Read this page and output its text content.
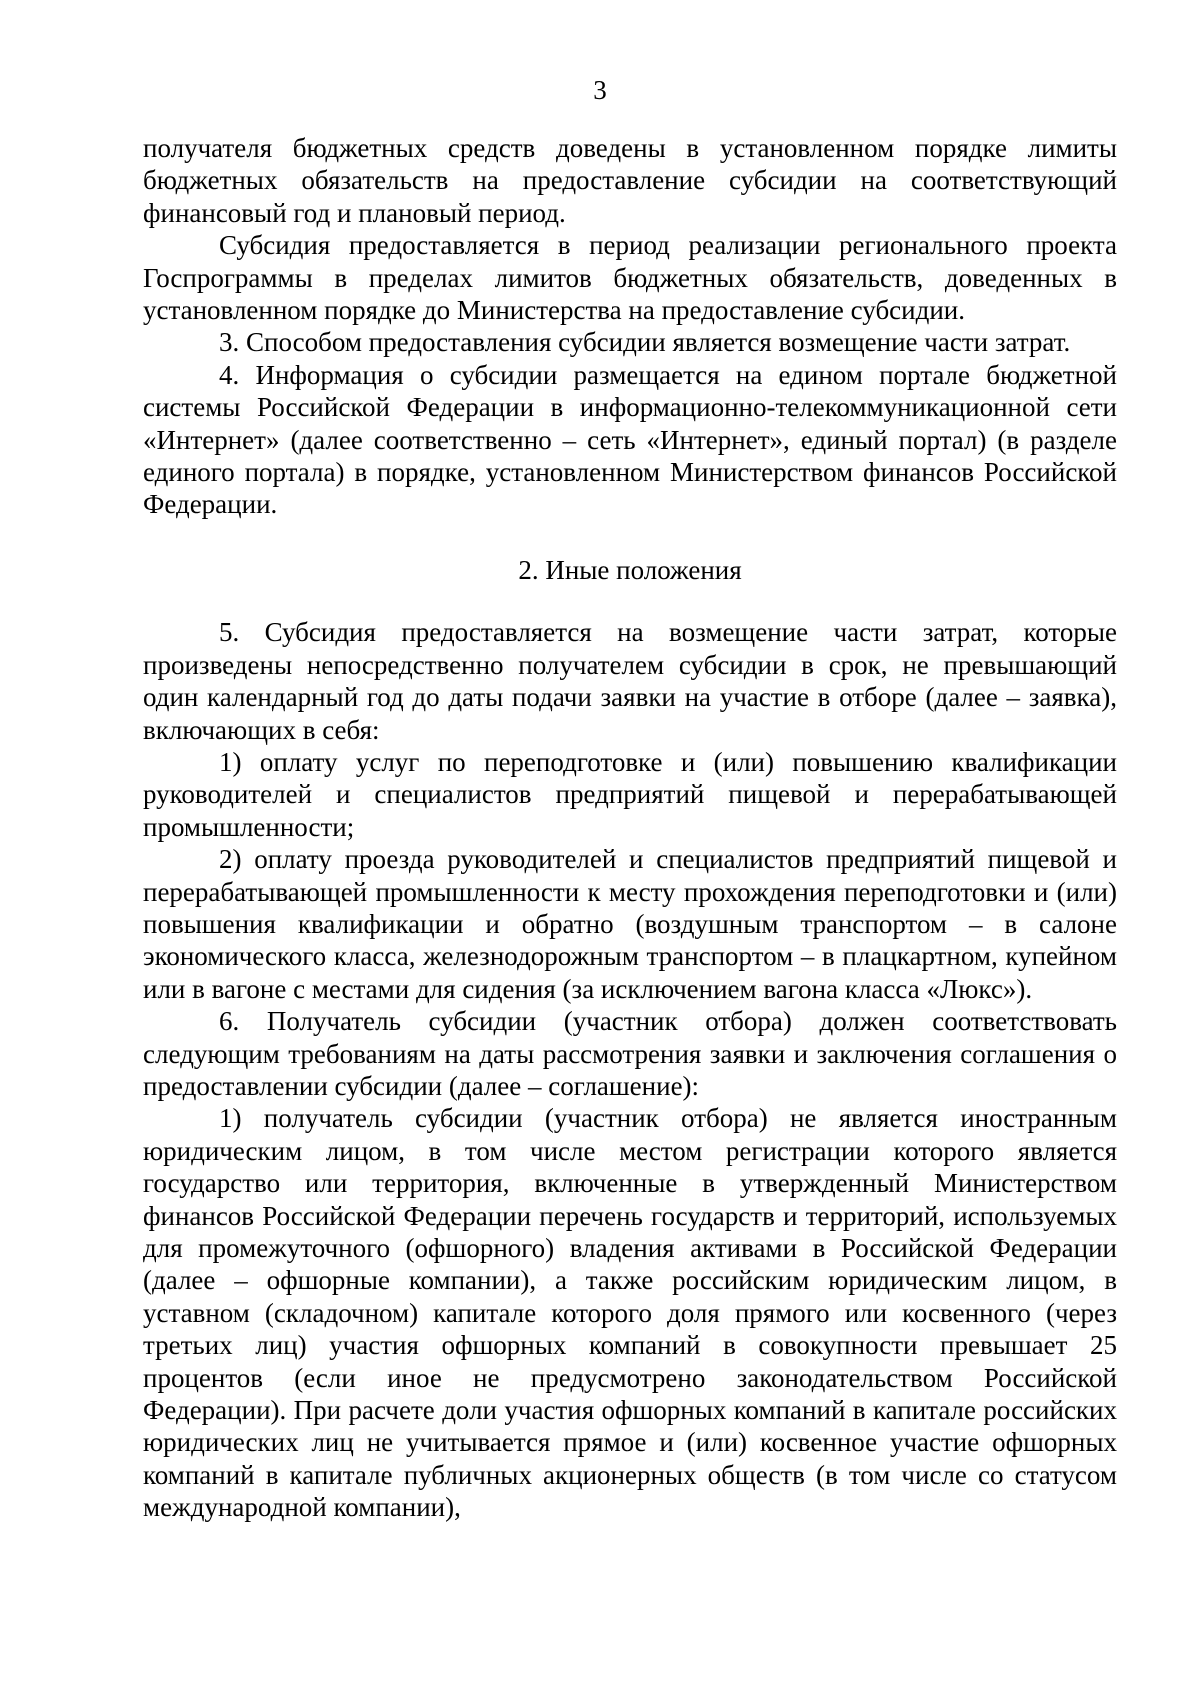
3

получателя бюджетных средств доведены в установленном порядке лимиты бюджетных обязательств на предоставление субсидии на соответствующий финансовый год и плановый период.

Субсидия предоставляется в период реализации регионального проекта Госпрограммы в пределах лимитов бюджетных обязательств, доведенных в установленном порядке до Министерства на предоставление субсидии.

3. Способом предоставления субсидии является возмещение части затрат.

4. Информация о субсидии размещается на едином портале бюджетной системы Российской Федерации в информационно-телекоммуникационной сети «Интернет» (далее соответственно – сеть «Интернет», единый портал) (в разделе единого портала) в порядке, установленном Министерством финансов Российской Федерации.

2. Иные положения

5. Субсидия предоставляется на возмещение части затрат, которые произведены непосредственно получателем субсидии в срок, не превышающий один календарный год до даты подачи заявки на участие в отборе (далее – заявка), включающих в себя:

1) оплату услуг по переподготовке и (или) повышению квалификации руководителей и специалистов предприятий пищевой и перерабатывающей промышленности;

2) оплату проезда руководителей и специалистов предприятий пищевой и перерабатывающей промышленности к месту прохождения переподготовки и (или) повышения квалификации и обратно (воздушным транспортом – в салоне экономического класса, железнодорожным транспортом – в плацкартном, купейном или в вагоне с местами для сидения (за исключением вагона класса «Люкс»).

6. Получатель субсидии (участник отбора) должен соответствовать следующим требованиям на даты рассмотрения заявки и заключения соглашения о предоставлении субсидии (далее – соглашение):

1) получатель субсидии (участник отбора) не является иностранным юридическим лицом, в том числе местом регистрации которого является государство или территория, включенные в утвержденный Министерством финансов Российской Федерации перечень государств и территорий, используемых для промежуточного (офшорного) владения активами в Российской Федерации (далее – офшорные компании), а также российским юридическим лицом, в уставном (складочном) капитале которого доля прямого или косвенного (через третьих лиц) участия офшорных компаний в совокупности превышает 25 процентов (если иное не предусмотрено законодательством Российской Федерации). При расчете доли участия офшорных компаний в капитале российских юридических лиц не учитывается прямое и (или) косвенное участие офшорных компаний в капитале публичных акционерных обществ (в том числе со статусом международной компании),
